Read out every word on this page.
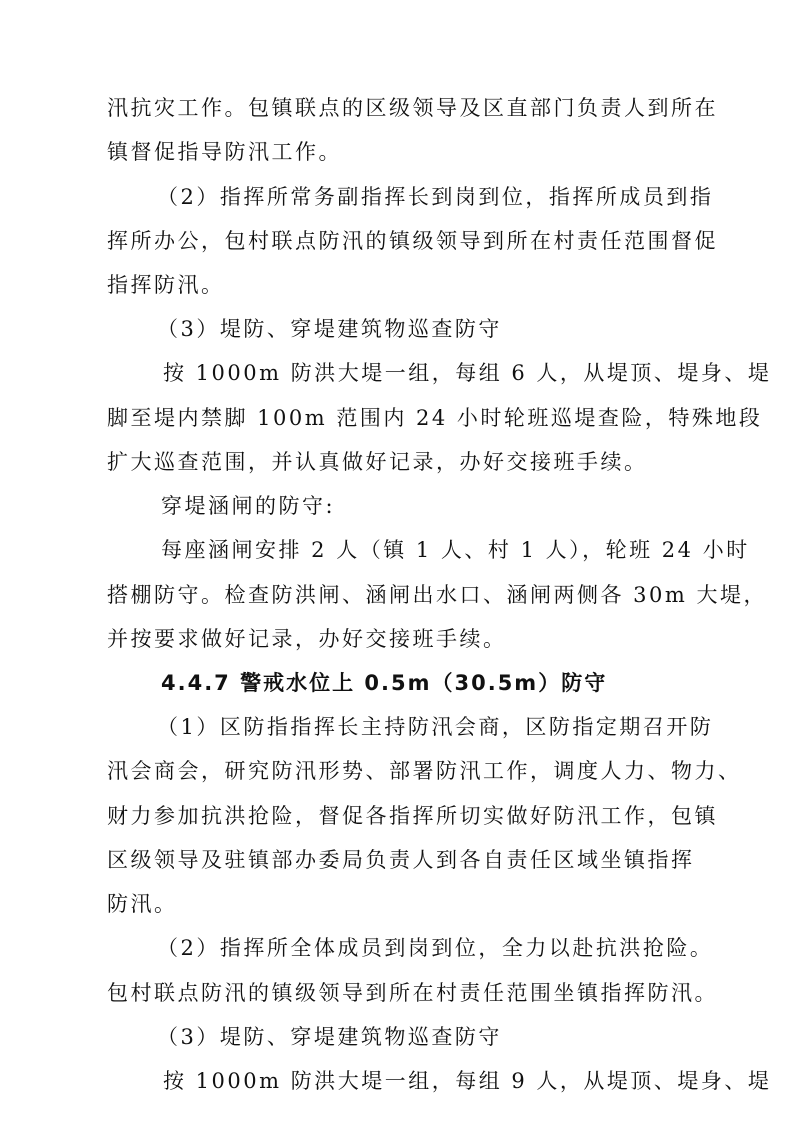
汛抗灾工作。包镇联点的区级领导及区直部门负责人到所在
镇督促指导防汛工作。
（2）指挥所常务副指挥长到岗到位，指挥所成员到指
挥所办公，包村联点防汛的镇级领导到所在村责任范围督促
指挥防汛。
（3）堤防、穿堤建筑物巡查防守
按 1000m 防洪大堤一组，每组 6 人，从堤顶、堤身、堤
脚至堤内禁脚 100m 范围内 24 小时轮班巡堤查险，特殊地段
扩大巡查范围，并认真做好记录，办好交接班手续。
穿堤涵闸的防守:
每座涵闸安排 2 人（镇 1 人、村 1 人），轮班 24 小时
搭棚防守。检查防洪闸、涵闸出水口、涵闸两侧各 30m 大堤，
并按要求做好记录，办好交接班手续。
4.4.7 警戒水位上 0.5m（30.5m）防守
（1）区防指指挥长主持防汛会商，区防指定期召开防
汛会商会，研究防汛形势、部署防汛工作，调度人力、物力、
财力参加抗洪抢险，督促各指挥所切实做好防汛工作，包镇
区级领导及驻镇部办委局负责人到各自责任区域坐镇指挥
防汛。
（2）指挥所全体成员到岗到位，全力以赴抗洪抢险。
包村联点防汛的镇级领导到所在村责任范围坐镇指挥防汛。
（3）堤防、穿堤建筑物巡查防守
按 1000m 防洪大堤一组，每组 9 人，从堤顶、堤身、堤
